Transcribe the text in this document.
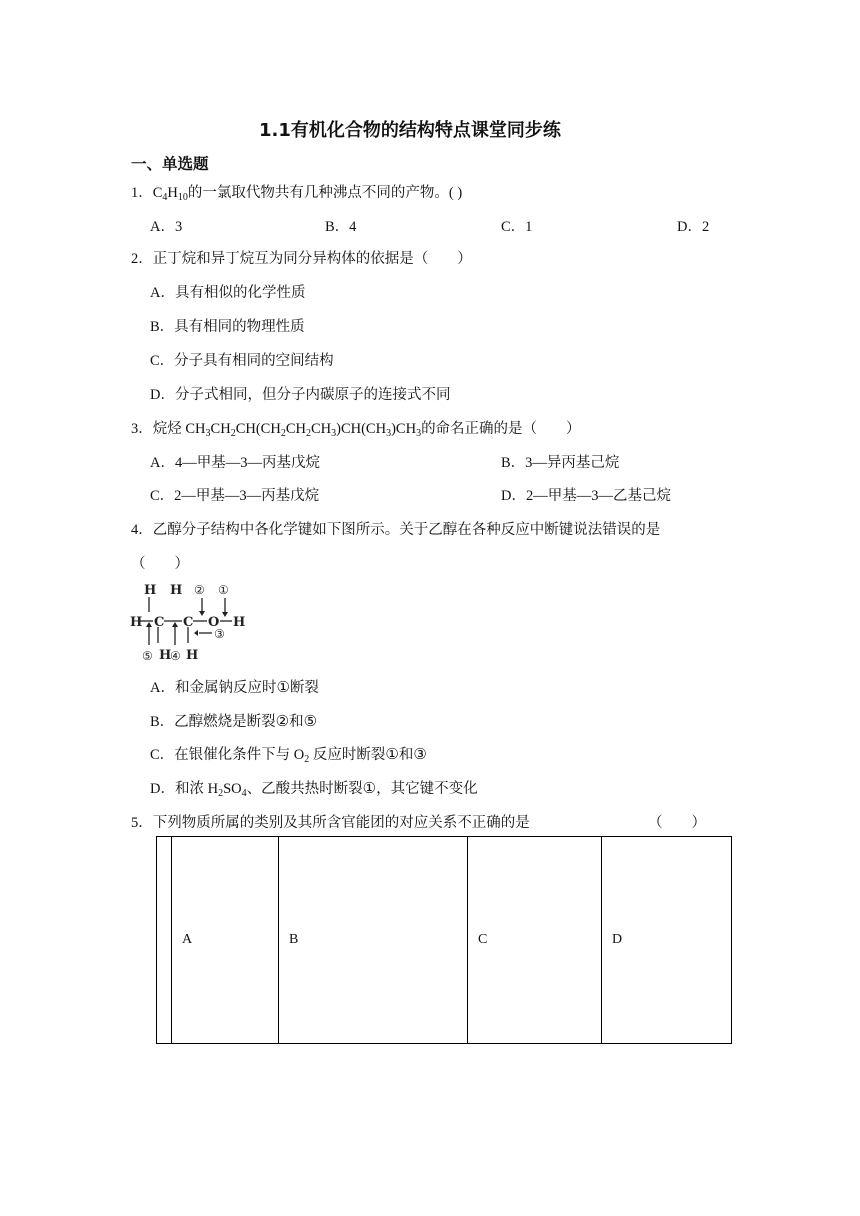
1.1有机化合物的结构特点课堂同步练
一、单选题
1．$C_4H_{10}$的一氯取代物共有几种沸点不同的产物。( )
A．3	B．4	C．1	D．2
2．正丁烷和异丁烷互为同分异构体的依据是（　　）
A．具有相似的化学性质
B．具有相同的物理性质
C．分子具有相同的空间结构
D．分子式相同，但分子内碳原子的连接式不同
3．烷烃 $CH_3CH_2CH(CH_2CH_2CH_3)CH(CH_3)CH_3$的命名正确的是（　　）
A．4—甲基—3—丙基戊烷	B．3—异丙基己烷
C．2—甲基—3—丙基戊烷	D．2—甲基—3—乙基己烷
4．乙醇分子结构中各化学键如下图所示。关于乙醇在各种反应中断键说法错误的是
（　　）
H H
H C C O H
H H
② ①
③
⑤ ④
A．和金属钠反应时①断裂
B．乙醇燃烧是断裂②和⑤
C．在银催化条件下与 $O_2$ 反应时断裂①和③
D．和浓 $H_2SO_4$、乙酸共热时断裂①，其它键不变化
5．下列物质所属的类别及其所含官能团的对应关系不正确的是	（　　）
	A	B	C	D
